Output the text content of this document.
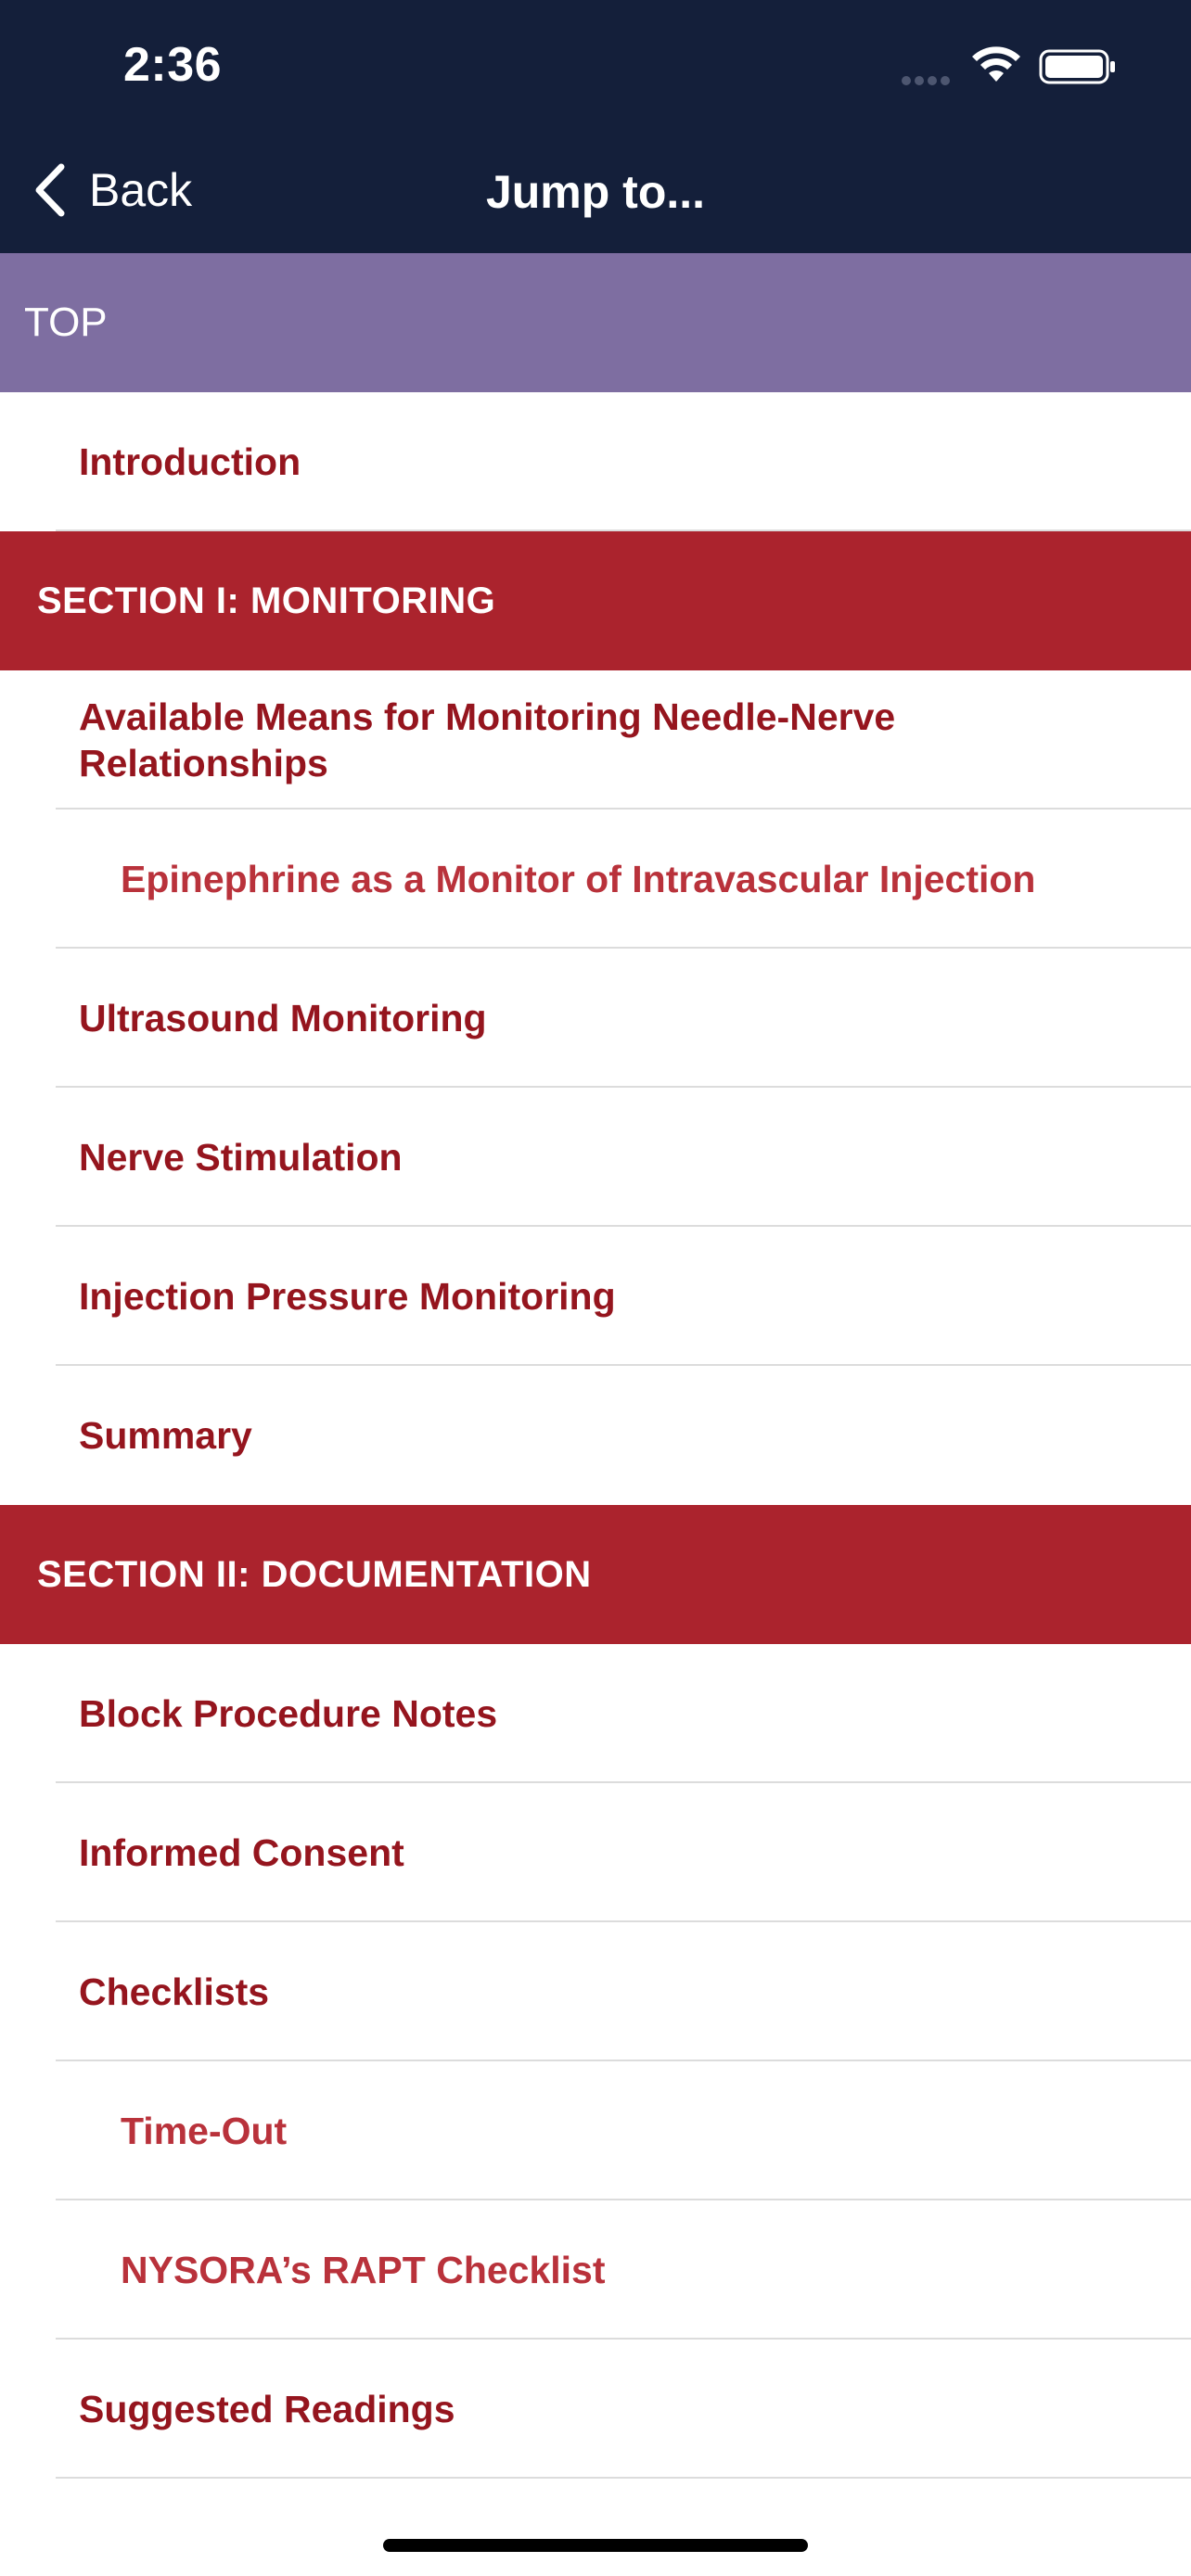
2:36
Back	Jump to...
TOP
Introduction
SECTION I: MONITORING
Available Means for Monitoring Needle-Nerve Relationships
Epinephrine as a Monitor of Intravascular Injection
Ultrasound Monitoring
Nerve Stimulation
Injection Pressure Monitoring
Summary
SECTION II: DOCUMENTATION
Block Procedure Notes
Informed Consent
Checklists
Time-Out
NYSORA’s RAPT Checklist
Suggested Readings
